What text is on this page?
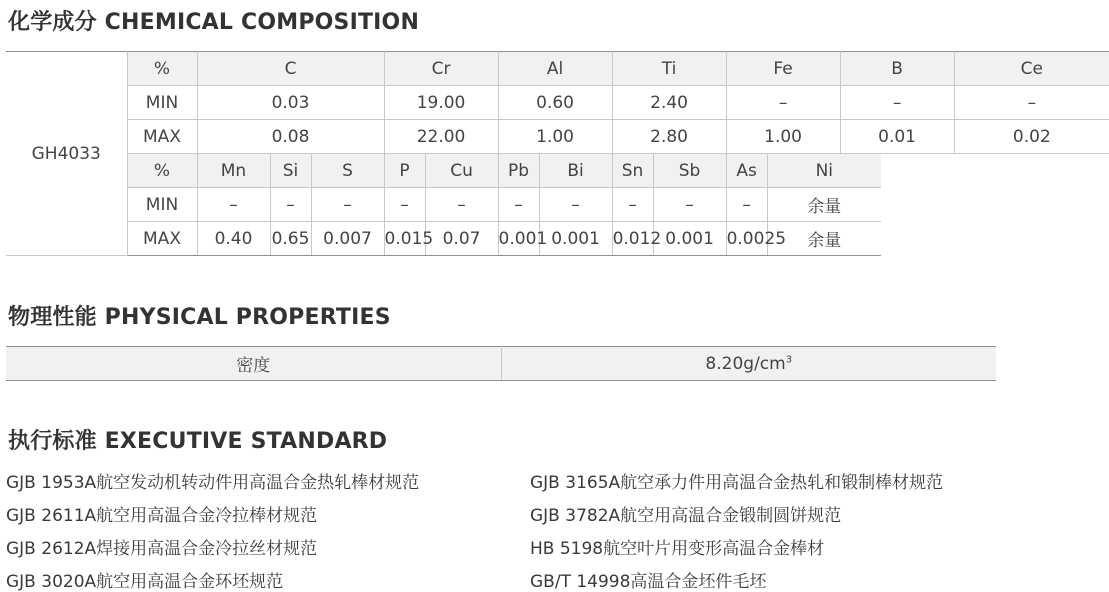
化学成分 CHEMICAL COMPOSITION
GH4033	%	C			Cr		Al		Ti		Fe		B	Ce
	MIN	0.03			19.00		0.60		2.40		–		–	–
	MAX	0.08			22.00		1.00		2.80		1.00		0.01	0.02
	%	Mn	Si	S	P	Cu	Pb	Bi	Sn	Sb	As	Ni		
	MIN	–	–	–	–	–	–	–	–	–	–	余量		
	MAX	0.40	0.65	0.007	0.015	0.07	0.001	0.001	0.012	0.001	0.0025	余量		
物理性能 PHYSICAL PROPERTIES
密度	$8.20g/cm^3$
执行标准 EXECUTIVE STANDARD
GJB 1953A航空发动机转动件用高温合金热轧棒材规范
GJB 2611A航空用高温合金冷拉棒材规范
GJB 2612A焊接用高温合金冷拉丝材规范
GJB 3020A航空用高温合金环坯规范
GJB 3165A航空承力件用高温合金热轧和锻制棒材规范
GJB 3782A航空用高温合金锻制圆饼规范
HB 5198航空叶片用变形高温合金棒材
GB/T 14998高温合金坯件毛坯
